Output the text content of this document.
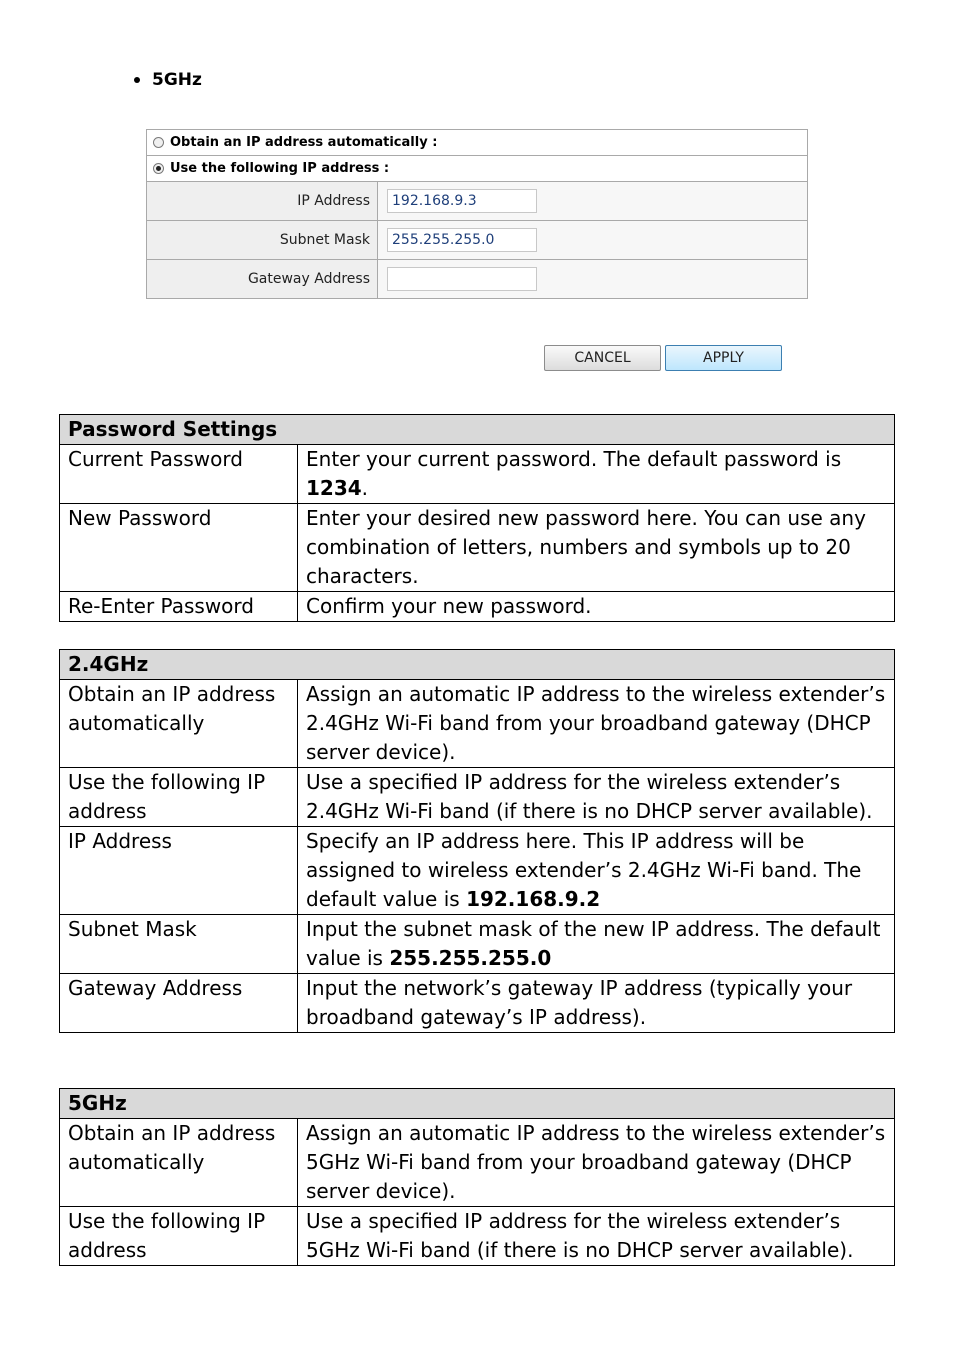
5GHz
Obtain an IP address automatically :
Use the following IP address :
IP Address	192.168.9.3
Subnet Mask	255.255.255.0
Gateway Address
CANCEL	APPLY
Password Settings	
Current Password	Enter your current password. The default password is 1234.
New Password	Enter your desired new password here. You can use any combination of letters, numbers and symbols up to 20 characters.
Re-Enter Password	Confirm your new password.
2.4GHz	
Obtain an IP address automatically	Assign an automatic IP address to the wireless extender’s 2.4GHz Wi-Fi band from your broadband gateway (DHCP server device).
Use the following IP address	Use a specified IP address for the wireless extender’s 2.4GHz Wi-Fi band (if there is no DHCP server available).
IP Address	Specify an IP address here. This IP address will be assigned to wireless extender’s 2.4GHz Wi-Fi band. The default value is 192.168.9.2
Subnet Mask	Input the subnet mask of the new IP address. The default value is 255.255.255.0
Gateway Address	Input the network’s gateway IP address (typically your broadband gateway’s IP address).
5GHz	
Obtain an IP address automatically	Assign an automatic IP address to the wireless extender’s 5GHz Wi-Fi band from your broadband gateway (DHCP server device).
Use the following IP address	Use a specified IP address for the wireless extender’s 5GHz Wi-Fi band (if there is no DHCP server available).
